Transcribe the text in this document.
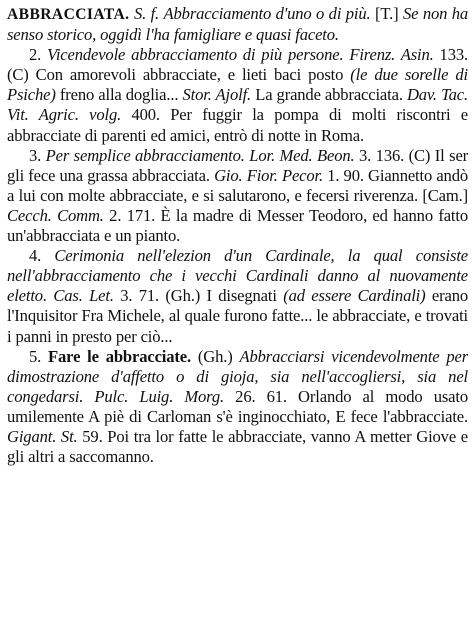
ABBRACCIATA. S. f. Abbracciamento d'uno o di più. [T.] Se non ha senso storico, oggidì l'ha famigliare e quasi faceto.

2. Vicendevole abbracciamento di più persone. Firenz. Asin. 133. (C) Con amorevoli abbracciate, e lieti baci posto (le due sorelle di Psiche) freno alla doglia... Stor. Ajolf. La grande abbracciata. Dav. Tac. Vit. Agric. volg. 400. Per fuggir la pompa di molti riscontri e abbracciate di parenti ed amici, entrò di notte in Roma.

3. Per semplice abbracciamento. Lor. Med. Beon. 3. 136. (C) Il ser gli fece una grassa abbracciata. Gio. Fior. Pecor. 1. 90. Giannetto andò a lui con molte abbracciate, e si salutarono, e fecersi riverenza. [Cam.] Cecch. Comm. 2. 171. È la madre di Messer Teodoro, ed hanno fatto un'abbracciata e un pianto.

4. Cerimonia nell'elezion d'un Cardinale, la qual consiste nell'abbracciamento che i vecchi Cardinali danno al nuovamente eletto. Cas. Let. 3. 71. (Gh.) I disegnati (ad essere Cardinali) erano l'Inquisitor Fra Michele, al quale furono fatte... le abbracciate, e trovati i panni in presto per ciò...

5. Fare le abbracciate. (Gh.) Abbracciarsi vicendevolmente per dimostrazione d'affetto o di gioja, sia nell'accogliersi, sia nel congedarsi. Pulc. Luig. Morg. 26. 61. Orlando al modo usato umilemente A piè di Carloman s'è inginocchiato, E fece l'abbracciate. Gigant. St. 59. Poi tra lor fatte le abbracciate, vanno A metter Giove e gli altri a saccomanno.
